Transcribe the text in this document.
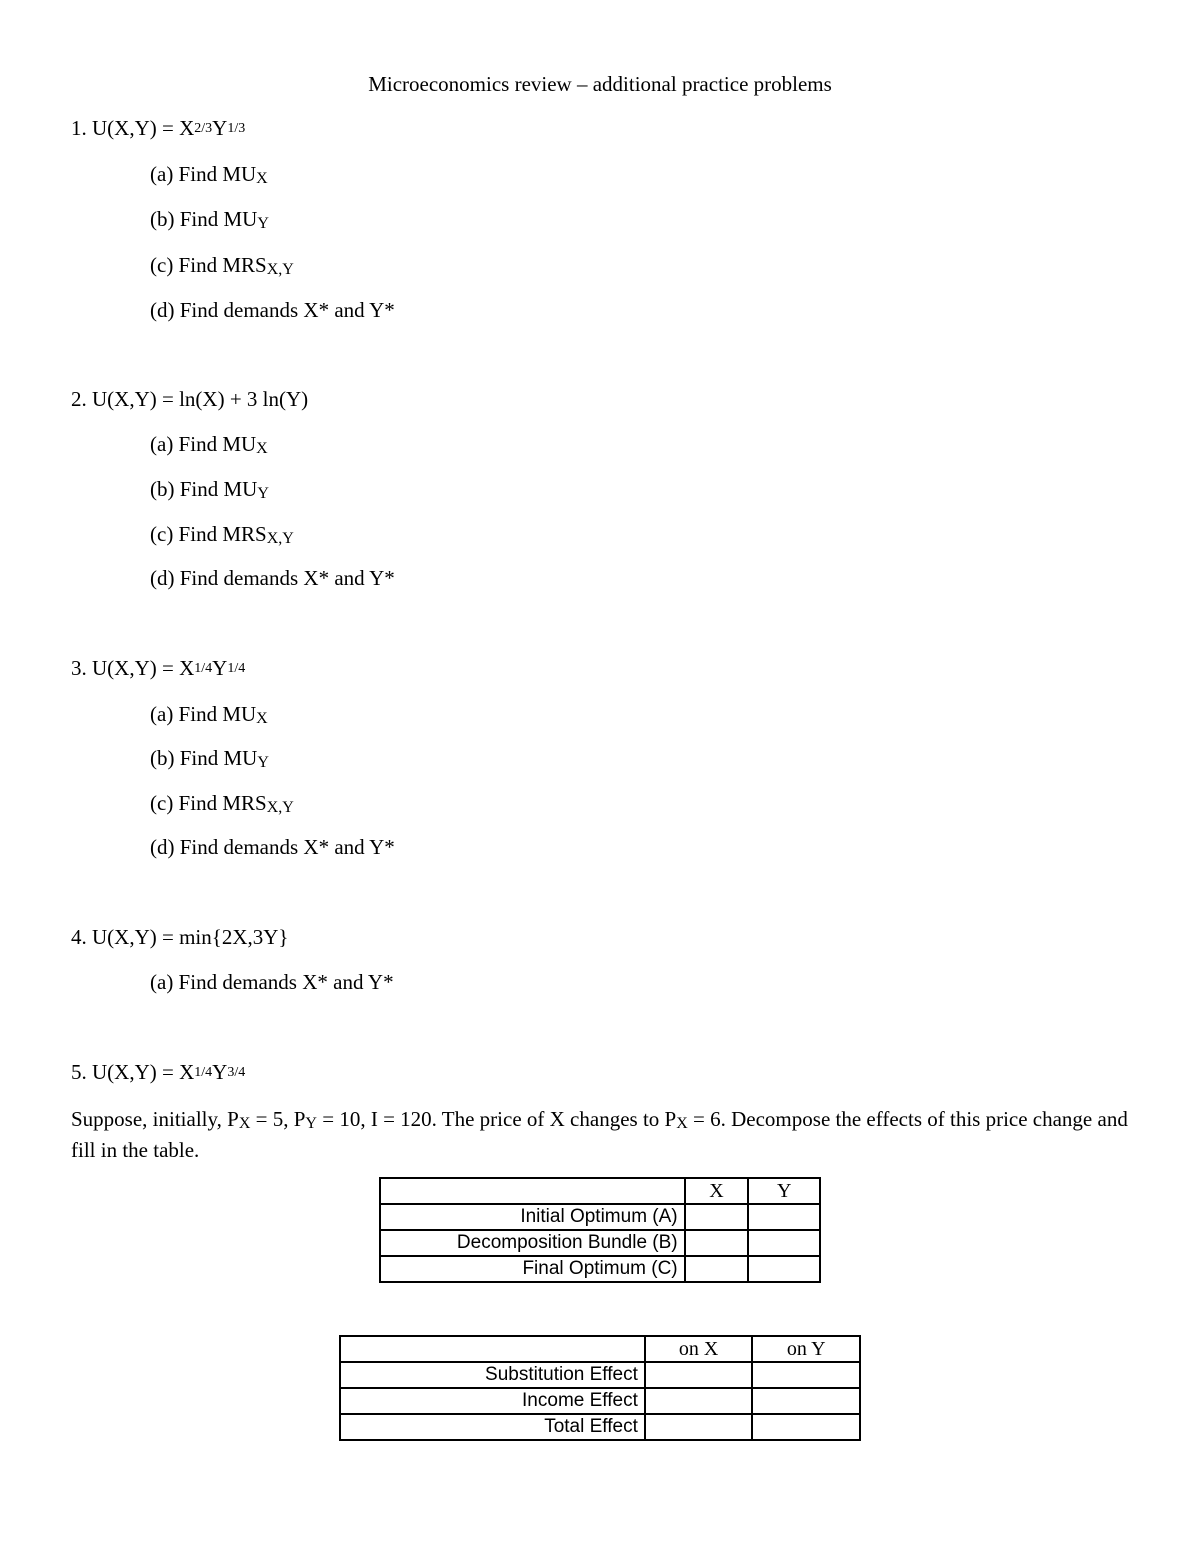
Microeconomics review – additional practice problems
1. $U(X,Y) = X^{2/3}Y^{1/3}$
(a) Find $MU_X$
(b) Find $MU_Y$
(c) Find $MRS_{X,Y}$
(d) Find demands X* and Y*
2. U(X,Y) = ln(X) + 3 ln(Y)
(a) Find $MU_X$
(b) Find $MU_Y$
(c) Find $MRS_{X,Y}$
(d) Find demands X* and Y*
3. $U(X,Y) = X^{1/4}Y^{1/4}$
(a) Find $MU_X$
(b) Find $MU_Y$
(c) Find $MRS_{X,Y}$
(d) Find demands X* and Y*
4. U(X,Y) = min{2X,3Y}
(a) Find demands X* and Y*
5. $U(X,Y) = X^{1/4}Y^{3/4}$
Suppose, initially, $P_X = 5$, $P_Y = 10$, I = 120. The price of X changes to $P_X = 6$. Decompose the effects of this price change and fill in the table.
	X	Y
Initial Optimum (A)		
Decomposition Bundle (B)		
Final Optimum (C)		
	on X	on Y
Substitution Effect		
Income Effect		
Total Effect		
